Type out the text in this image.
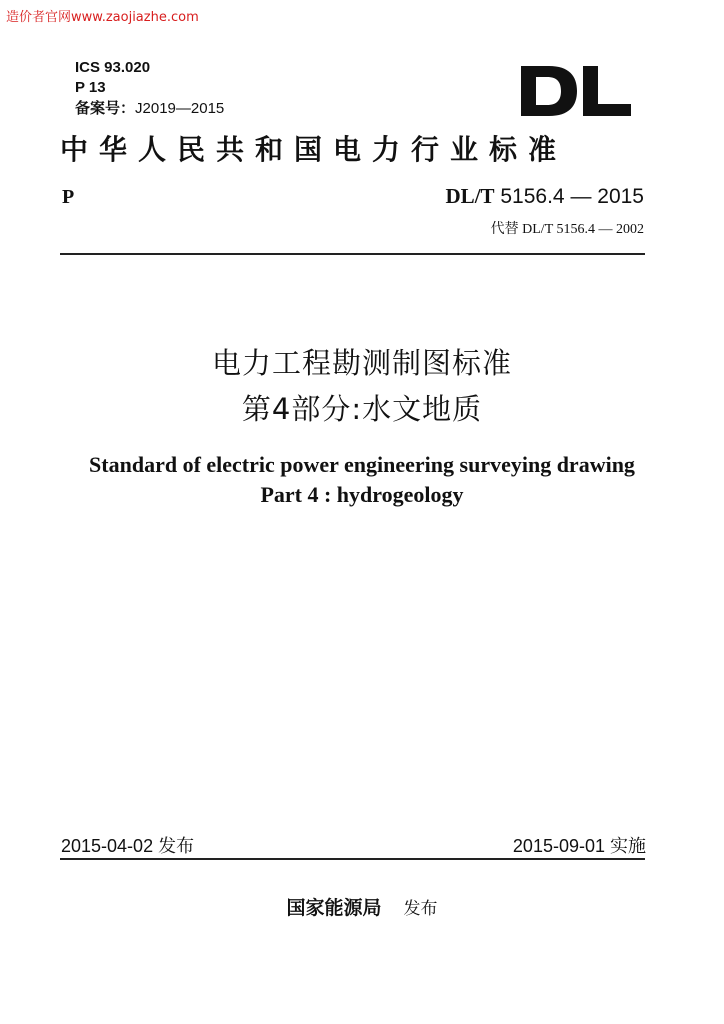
造价者官网www.zaojiazhe.com
ICS 93.020
P 13
备案号：J2019—2015
中华人民共和国电力行业标准
P	DL/T 5156.4 — 2015
代替 DL/T 5156.4 — 2002
电力工程勘测制图标准
第4部分:水文地质
Standard of electric power engineering surveying drawing
Part 4 : hydrogeology
2015-04-02 发布	2015-09-01 实施
国家能源局 发布
